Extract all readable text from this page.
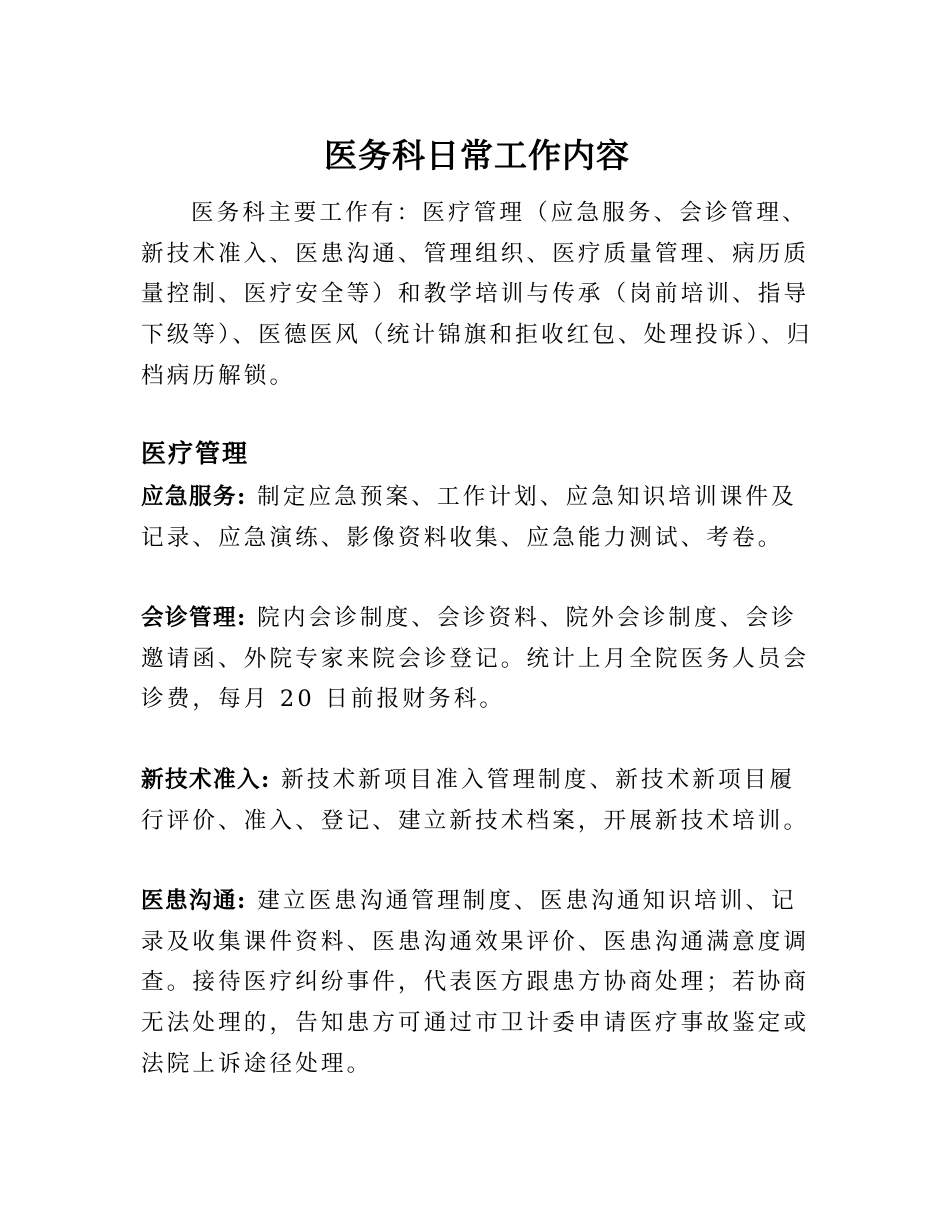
医务科日常工作内容

医务科主要工作有：医疗管理（应急服务、会诊管理、新技术准入、医患沟通、管理组织、医疗质量管理、病历质量控制、医疗安全等）和教学培训与传承（岗前培训、指导下级等）、医德医风（统计锦旗和拒收红包、处理投诉）、归档病历解锁。

医疗管理

应急服务: 制定应急预案、工作计划、应急知识培训课件及记录、应急演练、影像资料收集、应急能力测试、考卷。

会诊管理: 院内会诊制度、会诊资料、院外会诊制度、会诊邀请函、外院专家来院会诊登记。统计上月全院医务人员会诊费，每月 20 日前报财务科。

新技术准入: 新技术新项目准入管理制度、新技术新项目履行评价、准入、登记、建立新技术档案，开展新技术培训。

医患沟通: 建立医患沟通管理制度、医患沟通知识培训、记录及收集课件资料、医患沟通效果评价、医患沟通满意度调查。接待医疗纠纷事件，代表医方跟患方协商处理；若协商无法处理的，告知患方可通过市卫计委申请医疗事故鉴定或法院上诉途径处理。
